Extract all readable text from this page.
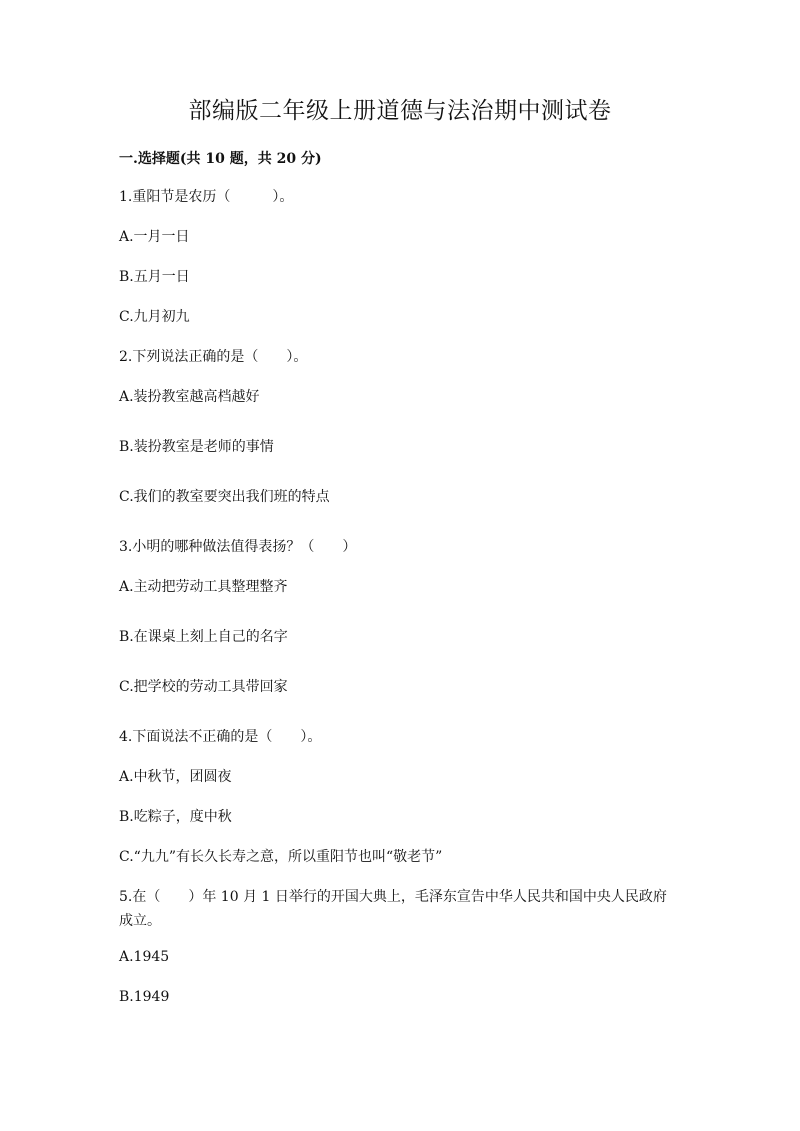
部编版二年级上册道德与法治期中测试卷

一.选择题(共 10 题，共 20 分)

1.重阳节是农历（　　　）。

A.一月一日

B.五月一日

C.九月初九

2.下列说法正确的是（　　）。

A.装扮教室越高档越好

B.装扮教室是老师的事情

C.我们的教室要突出我们班的特点

3.小明的哪种做法值得表扬？（　　）

A.主动把劳动工具整理整齐

B.在课桌上刻上自己的名字

C.把学校的劳动工具带回家

4.下面说法不正确的是（　　）。

A.中秋节，团圆夜

B.吃粽子，度中秋

C.“九九”有长久长寿之意，所以重阳节也叫“敬老节”

5.在（　　）年 10 月 1 日举行的开国大典上，毛泽东宣告中华人民共和国中央人民政府成立。

A.1945

B.1949
